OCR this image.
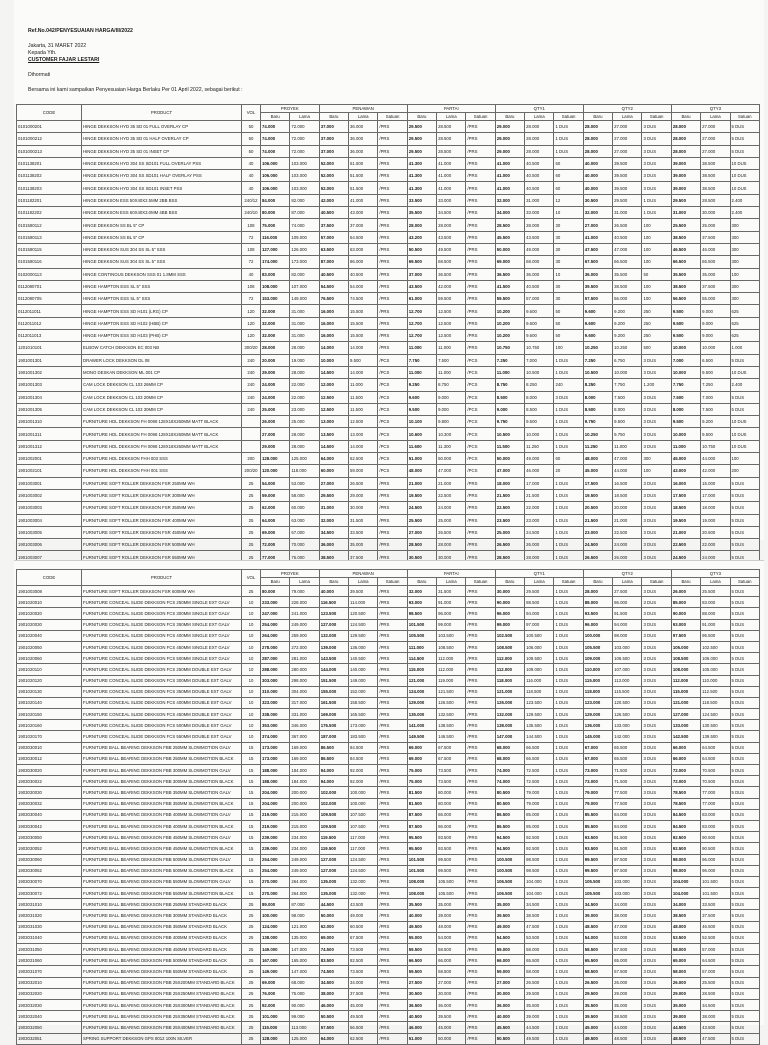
Ref.No.042/PENYESUAIAN HARGA/III/2022
Jakarta, 31 MARET 2022
Kepada Yth.
CUSTOMER FAJAR LESTARI
Dihormati
Bersama ini kami sampaikan Penyesuaian Harga Berlaku Per 01 April 2022, sebagai berikut :
CODE	PRODUCT	VOL	PROYEK		PENAWAN			PARTAI			QTY1			QTY2			QTY3		
			Baru	Lama	Baru	Lama	Satuan	Baru	Lama	Satuan	Baru	Lama	Satuan	Baru	Lama	Satuan	Baru	Lama	Satuan
0101000201	HINGE DEKKSON HYD 35 SD 01 FULL OVERLAY CP	50	74.000	72.000	37.000	36.000	/PRS	29.500	28.500	/PRS	29.000	28.000	1 DUS	28.000	27.000	3 DUS	28.000	27.000	5 DUS
0101000212	HINGE DEKKSON HYD 35 SD 01 HALF OVERLAY CP	50	74.000	72.000	37.000	36.000	/PRS	29.500	28.500	/PRS	29.000	28.000	1 DUS	28.000	27.000	3 DUS	28.000	27.000	5 DUS
0101000213	HINGE DEKKSON HYD 35 SD 01 INSET CP	50	74.000	72.000	37.000	36.000	/PRS	29.500	28.500	/PRS	29.000	28.000	1 DUS	28.000	27.000	3 DUS	28.000	27.000	5 DUS
0101138201	HINGE DEKKSON HYD 304 SS SD101 FULL OVERLAY PSS	40	106.000	103.000	52.000	51.500	/PRS	41.300	41.000	/PRS	41.000	40.500	60	40.000	39.500	3 DUS	39.000	38.500	10 DUS
0101138202	HINGE DEKKSON HYD 304 SS SD101 HALF OVERLAY PSS	40	106.000	103.000	52.000	51.500	/PRS	41.300	41.000	/PRS	41.000	40.500	60	40.000	39.500	3 DUS	39.000	38.500	10 DUS
0101138203	HINGE DEKKSON HYD 304 SS SD101 INSET PSS	40	106.000	103.000	52.000	51.500	/PRS	41.300	41.000	/PRS	41.000	40.500	60	40.000	39.500	3 DUS	39.000	38.500	10 DUS
0101182201	HINGE DEKKSON ESS 50X40X2.5MM 2BB BSS	240/12	84.000	82.000	42.000	41.000	/PRS	33.500	33.000	/PRS	32.000	31.000	12	30.500	29.500	1 DUS	29.500	28.500	2.400
0101182202	HINGE DEKKSON ESS 60X40X3.0MM 4BB BSS	240/10	80.000	87.000	40.500	43.000	/PRS	35.500	34.500	/PRS	34.000	33.000	10	32.000	31.000	1 DUS	31.000	30.000	2.400
0101580112	HINGE DEKKSON SS BL 5" CP	108	75.000	74.000	37.500	37.000	/PRS	28.000	28.000	/PRS	28.500	28.000	30	27.000	26.500	100	25.500	25.000	300
0101580113	HINGE DEKKSON SS BL 5" CP	72	116.000	109.000	57.000	54.500	/PRS	43.200	43.500	/PRS	45.500	43.500	30	41.000	40.500	100	38.500	37.500	300
0101580115	HINGE DEKKSON SUS 304 SS SL 5" SSS	108	127.000	126.000	63.500	63.000	/PRS	50.500	49.500	/PRS	50.000	49.000	30	47.500	47.000	100	46.500	46.000	300
0101580116	HINGE DEKKSON SUS 304 SS SL 5" SSS	72	174.000	173.000	87.000	86.000	/PRS	69.500	68.500	/PRS	69.000	68.000	30	67.500	66.500	100	66.500	65.500	300
0102000113	HINGE CONTINOUS DEKKSON SSS 01 1.8MM SSS	40	83.000	82.000	40.500	40.500	/PRS	37.000	36.500	/PRS	36.500	36.000	10	36.000	35.500	50	35.500	35.000	100
0112080701	HINGE HAMPTON ESS SL 5" SSS	108	108.000	107.000	54.500	54.000	/PRS	43.500	42.000	/PRS	41.500	40.500	30	39.500	38.500	100	38.500	37.500	300
0112080705	HINGE HAMPTON ESS SL 5" SSS	72	153.000	149.000	76.500	74.500	/PRS	61.000	59.500	/PRS	59.500	57.000	30	57.500	56.000	100	56.500	55.000	300
0112011011	HINGE HAMPTON ESS SD H101 (LRG) CP	120	32.000	31.000	16.000	15.500	/PRS	12.700	12.500	/PRS	10.200	9.600	50	9.600	9.200	250	9.500	9.000	625
0112011012	HINGE HAMPTON ESS SD H102 (HBB) CP	120	32.000	31.000	16.000	15.500	/PRS	12.700	12.500	/PRS	10.200	9.600	50	9.600	9.200	250	9.500	9.000	625
0112011013	HINGE HAMPTON ESS SD H103 (PHB) CP	120	32.000	31.000	16.000	15.500	/PRS	12.700	12.500	/PRS	10.200	9.600	50	9.600	9.200	250	9.500	9.000	625
1201010101	ELBOW CATCH DEKKSON EC 003 NB	300/20	28.000	28.000	14.000	14.000	/PRS	11.000	11.000	/PRS	10.750	10.750	100	10.250	10.250	500	10.000	10.000	1.000
1901001301	DRAWER LOCK DEKKSON DL 08	240	20.000	19.000	10.000	9.500	/PCS	7.750	7.500	/PCS	7.250	7.000	1 DUS	7.250	6.750	3 DUS	7.000	6.500	5 DUS
1901001302	MONO DESKAN DEKKSON ML 001 CP	240	29.000	28.000	14.500	14.000	/PCS	11.000	11.000	/PCS	11.000	10.500	1 DUS	10.500	10.000	3 DUS	10.000	9.500	10 DUS
1901001303	CAM LOCK DEKKSON CL 103 26MM CP	240	24.000	22.000	12.000	11.000	/PCS	9.250	8.750	/PCS	8.750	8.250	240	8.250	7.750	1.200	7.750	7.250	2.400
1901001304	CAM LOCK DEKKSON CL 103 20MM CP	240	24.000	22.000	12.500	11.500	/PCS	9.600	9.000	/PCS	8.500	8.000	3 DUS	8.000	7.500	3 DUS	7.500	7.000	5 DUS
1901001305	CAM LOCK DEKKSON CL 103 30MM CP	240	25.000	23.000	12.500	11.500	/PCS	9.500	9.000	/PCS	9.000	8.500	1 DUS	8.500	8.000	3 DUS	8.000	7.500	5 DUS
1901001310	FURNITURE HDL DEKKSON FH 0098 128X18X260MM MATT BLACK		26.000	25.000	13.000	12.500	/PCS	10.100	9.800	/PCS	9.750	9.500	1 DUS	9.750	9.500	3 DUS	9.500	9.200	10 DUS
1901001311	FURNITURE HDL DEKKSON FH 0098 128X18X260MM MATT BLACK		27.000	28.000	13.500	13.000	/PCS	10.600	10.300	/PCS	10.500	10.000	1 DUS	10.250	9.750	3 DUS	10.000	9.500	10 DUS
1901001312	FURNITURE HDL DEKKSON FH 0098 128X18X260MM MATT BLACK		29.000	28.000	14.500	14.000	/PCS	11.600	11.300	/PCS	11.500	11.250	1 DUS	11.250	11.000	3 DUS	11.000	10.750	10 DUS
1901002001	FURNITURE HDL DEKKSON FHH 003 SSS	200	128.000	125.000	64.000	62.500	/PCS	51.000	50.000	/PCS	50.000	49.000	60	48.000	47.000	300	45.000	44.000	100
1901002101	FURNITURE HDL DEKKSON FHH 001 SSS	200/20	120.000	118.000	60.000	59.000	/PCS	48.000	47.000	/PCS	47.000	46.000	20	45.000	44.000	100	43.000	42.000	200
1901003001	FURNITURE SOFT ROLLER DEKKSON FSR 250MM WH	25	54.000	53.000	27.000	26.500	/PRS	21.000	21.000	/PRS	18.000	17.000	1 DUS	17.500	16.500	3 DUS	16.000	15.000	5 DUS
1901003002	FURNITURE SOFT ROLLER DEKKSON FSR 300MM WH	25	59.000	58.000	29.500	29.000	/PRS	19.500	22.500	/PRS	21.500	21.500	1 DUS	19.500	18.500	3 DUS	17.500	17.000	5 DUS
1901003003	FURNITURE SOFT ROLLER DEKKSON FSR 350MM WH	25	62.000	60.000	31.000	30.000	/PRS	24.500	24.000	/PRS	22.500	22.000	1 DUS	20.500	20.000	3 DUS	18.500	18.000	5 DUS
1901003004	FURNITURE SOFT ROLLER DEKKSON FSR 400MM WH	25	64.000	63.000	32.000	31.500	/PRS	25.500	25.000	/PRS	23.500	23.000	1 DUS	21.500	21.000	3 DUS	19.500	19.000	5 DUS
1901003005	FURNITURE SOFT ROLLER DEKKSON FSR 450MM WH	25	69.000	67.000	34.500	33.500	/PRS	27.000	26.500	/PRS	25.000	24.500	1 DUS	23.000	22.500	3 DUS	21.000	20.500	5 DUS
1901003006	FURNITURE SOFT ROLLER DEKKSON FSR 500MM WH	25	72.000	70.000	36.000	35.000	/PRS	28.500	28.000	/PRS	26.500	26.000	1 DUS	24.500	24.000	3 DUS	22.500	22.000	5 DUS
1901003007	FURNITURE SOFT ROLLER DEKKSON FSR 550MM WH	25	77.000	75.000	38.500	37.500	/PRS	30.500	30.000	/PRS	28.500	28.000	1 DUS	26.500	26.000	3 DUS	24.500	24.000	5 DUS
CODE	PRODUCT	VOL	PROYEK		PENAWAN			PARTAI			QTY1			QTY2			QTY3		
			Baru	Lama	Baru	Lama	Satuan	Baru	Lama	Satuan	Baru	Lama	Satuan	Baru	Lama	Satuan	Baru	Lama	Satuan
1901003008	FURNITURE SOFT ROLLER DEKKSON FSR 600MM WH	25	80.000	79.000	40.000	39.500	/PRS	32.000	31.500	/PRS	30.000	29.500	1 DUS	28.000	27.500	3 DUS	26.000	25.500	5 DUS
1901020010	FURNITURE CONCEAL SLIDE DEKKSON FCS 250MM SINGLE EXT GALV	10	233.000	228.000	116.500	114.000	/PRS	93.000	91.000	/PRS	90.000	88.500	1 DUS	88.000	86.000	3 DUS	85.000	83.000	5 DUS
1901020020	FURNITURE CONCEAL SLIDE DEKKSON FCS 300MM SINGLE EXT GALV	10	247.000	241.000	123.500	120.500	/PRS	98.500	96.000	/PRS	96.000	94.000	1 DUS	93.500	91.500	3 DUS	90.000	88.000	5 DUS
1901020030	FURNITURE CONCEAL SLIDE DEKKSON FCS 350MM SINGLE EXT GALV	10	254.000	249.000	127.000	124.500	/PRS	101.500	99.000	/PRS	99.000	97.000	1 DUS	96.000	94.000	3 DUS	93.000	91.000	5 DUS
1901020040	FURNITURE CONCEAL SLIDE DEKKSON FCS 400MM SINGLE EXT GALV	10	264.000	259.000	132.000	129.500	/PRS	105.500	103.500	/PRS	102.500	100.500	1 DUS	100.000	98.000	3 DUS	97.500	95.500	5 DUS
1901020050	FURNITURE CONCEAL SLIDE DEKKSON FCS 450MM SINGLE EXT GALV	10	278.000	272.000	139.000	136.000	/PRS	111.000	108.500	/PRS	108.500	106.000	1 DUS	105.500	103.000	3 DUS	105.000	102.500	5 DUS
1901020060	FURNITURE CONCEAL SLIDE DEKKSON FCS 500MM SINGLE EXT GALV	10	287.000	281.000	143.500	140.500	/PRS	114.500	112.000	/PRS	112.000	109.500	1 DUS	109.000	106.500	3 DUS	108.500	106.000	5 DUS
1901020110	FURNITURE CONCEAL SLIDE DEKKSON FCS 250MM DOUBLE EXT GALV	10	288.000	280.000	144.000	140.000	/PRS	115.000	112.000	/PRS	112.000	109.000	1 DUS	110.000	107.000	3 DUS	108.000	105.000	5 DUS
1901020120	FURNITURE CONCEAL SLIDE DEKKSON FCS 300MM DOUBLE EXT GALV	10	303.000	298.000	151.500	149.000	/PRS	121.000	119.000	/PRS	118.000	116.000	1 DUS	115.000	113.000	3 DUS	112.000	110.000	5 DUS
1901020130	FURNITURE CONCEAL SLIDE DEKKSON FCS 350MM DOUBLE EXT GALV	10	310.000	304.000	155.000	152.000	/PRS	124.000	121.500	/PRS	121.000	118.500	1 DUS	118.000	115.500	3 DUS	115.000	112.500	5 DUS
1901020140	FURNITURE CONCEAL SLIDE DEKKSON FCS 400MM DOUBLE EXT GALV	10	323.000	317.000	161.500	158.500	/PRS	129.000	126.500	/PRS	126.000	123.500	1 DUS	123.000	120.500	3 DUS	121.000	118.500	5 DUS
1901020150	FURNITURE CONCEAL SLIDE DEKKSON FCS 450MM DOUBLE EXT GALV	10	338.000	331.000	169.000	165.500	/PRS	135.000	132.500	/PRS	132.000	129.500	1 DUS	129.000	126.500	3 DUS	127.000	124.500	5 DUS
1901020160	FURNITURE CONCEAL SLIDE DEKKSON FCS 500MM DOUBLE EXT GALV	10	353.000	346.000	176.500	173.000	/PRS	141.000	138.500	/PRS	138.000	135.500	1 DUS	136.000	133.000	3 DUS	133.000	130.500	5 DUS
1901020170	FURNITURE CONCEAL SLIDE DEKKSON FCS 550MM DOUBLE EXT GALV	10	374.000	367.000	187.000	183.500	/PRS	149.500	146.500	/PRS	147.000	144.500	1 DUS	145.000	142.000	3 DUS	142.500	139.500	5 DUS
1903030010	FURNITURE BALL BEARING DEKKSON FBB 250MM SLOWMOTION GALV	15	173.000	169.000	86.500	84.500	/PRS	69.000	67.500	/PRS	68.000	66.500	1 DUS	67.000	65.500	3 DUS	66.000	64.500	5 DUS
1903030012	FURNITURE BALL BEARING DEKKSON FBB 250MM SLOWMOTION BLACK	15	173.000	169.000	86.500	84.500	/PRS	69.000	67.500	/PRS	68.000	66.500	1 DUS	67.000	65.500	3 DUS	66.000	64.500	5 DUS
1903030020	FURNITURE BALL BEARING DEKKSON FBB 300MM SLOWMOTION GALV	15	188.000	184.000	94.000	92.000	/PRS	75.000	73.500	/PRS	74.000	72.500	1 DUS	73.000	71.500	3 DUS	72.000	70.500	5 DUS
1903030022	FURNITURE BALL BEARING DEKKSON FBB 300MM SLOWMOTION BLACK	15	188.000	184.000	94.000	92.000	/PRS	75.000	73.500	/PRS	74.000	72.500	1 DUS	73.000	71.500	3 DUS	72.000	70.500	5 DUS
1903030030	FURNITURE BALL BEARING DEKKSON FBB 350MM SLOWMOTION GALV	15	204.000	200.000	102.000	100.000	/PRS	81.500	80.000	/PRS	80.500	79.000	1 DUS	79.000	77.500	3 DUS	78.500	77.000	5 DUS
1903030032	FURNITURE BALL BEARING DEKKSON FBB 350MM SLOWMOTION BLACK	15	204.000	200.000	102.000	100.000	/PRS	81.500	80.000	/PRS	80.500	79.000	1 DUS	79.000	77.500	3 DUS	78.500	77.000	5 DUS
1903030040	FURNITURE BALL BEARING DEKKSON FBB 400MM SLOWMOTION GALV	15	219.000	215.000	109.500	107.500	/PRS	87.500	86.000	/PRS	86.500	85.000	1 DUS	85.500	84.000	3 DUS	84.500	83.000	5 DUS
1903030042	FURNITURE BALL BEARING DEKKSON FBB 400MM SLOWMOTION BLACK	15	219.000	215.000	109.500	107.500	/PRS	87.500	86.000	/PRS	86.500	85.000	1 DUS	85.500	84.000	3 DUS	84.500	83.000	5 DUS
1903030050	FURNITURE BALL BEARING DEKKSON FBB 450MM SLOWMOTION GALV	15	239.000	234.000	119.500	117.000	/PRS	95.500	93.500	/PRS	94.500	92.500	1 DUS	93.500	91.500	3 DUS	92.500	90.500	5 DUS
1903030052	FURNITURE BALL BEARING DEKKSON FBB 450MM SLOWMOTION BLACK	15	239.000	234.000	119.500	117.000	/PRS	95.500	93.500	/PRS	94.500	92.500	1 DUS	93.500	91.500	3 DUS	92.500	90.500	5 DUS
1903030060	FURNITURE BALL BEARING DEKKSON FBB 500MM SLOWMOTION GALV	15	254.000	249.000	127.000	124.500	/PRS	101.500	99.500	/PRS	100.500	98.500	1 DUS	99.500	97.500	3 DUS	98.000	96.000	5 DUS
1903030062	FURNITURE BALL BEARING DEKKSON FBB 500MM SLOWMOTION BLACK	15	254.000	249.000	127.000	124.500	/PRS	101.500	99.500	/PRS	100.500	98.500	1 DUS	99.500	97.500	3 DUS	98.000	96.000	5 DUS
1903030070	FURNITURE BALL BEARING DEKKSON FBB 550MM SLOWMOTION GALV	15	270.000	264.000	135.000	132.000	/PRS	108.000	105.500	/PRS	106.500	104.000	1 DUS	105.500	103.000	3 DUS	104.000	101.500	5 DUS
1903030072	FURNITURE BALL BEARING DEKKSON FBB 550MM SLOWMOTION BLACK	15	270.000	264.000	135.000	132.000	/PRS	108.000	105.500	/PRS	106.500	104.000	1 DUS	105.500	103.000	3 DUS	104.000	101.500	5 DUS
1903031010	FURNITURE BALL BEARING DEKKSON FBB 250MM STANDARD BLACK	25	89.000	87.000	44.500	43.500	/PRS	35.500	35.000	/PRS	35.000	34.500	1 DUS	34.500	34.000	3 DUS	34.000	33.500	5 DUS
1903031020	FURNITURE BALL BEARING DEKKSON FBB 300MM STANDARD BLACK	25	100.000	98.000	50.000	49.000	/PRS	40.000	39.000	/PRS	39.500	38.500	1 DUS	39.000	38.000	3 DUS	38.500	37.500	5 DUS
1903031030	FURNITURE BALL BEARING DEKKSON FBB 350MM STANDARD BLACK	25	124.000	121.000	62.000	60.500	/PRS	49.500	48.000	/PRS	49.000	47.500	1 DUS	48.500	47.000	3 DUS	48.000	46.500	5 DUS
1903031040	FURNITURE BALL BEARING DEKKSON FBB 400MM STANDARD BLACK	25	138.000	135.000	69.000	67.500	/PRS	55.000	54.000	/PRS	54.500	53.500	1 DUS	54.000	53.000	3 DUS	53.500	52.500	5 DUS
1903031050	FURNITURE BALL BEARING DEKKSON FBB 450MM STANDARD BLACK	25	149.000	147.000	74.500	73.500	/PRS	59.500	58.500	/PRS	59.000	58.000	1 DUS	58.500	57.500	3 DUS	58.000	57.000	5 DUS
1903031060	FURNITURE BALL BEARING DEKKSON FBB 500MM STANDARD BLACK	25	167.000	165.000	83.500	82.500	/PRS	66.500	66.000	/PRS	66.000	65.500	1 DUS	65.500	65.000	3 DUS	65.000	64.500	5 DUS
1903031070	FURNITURE BALL BEARING DEKKSON FBB 550MM STANDARD BLACK	25	149.000	147.000	74.500	73.500	/PRS	59.500	58.500	/PRS	59.000	58.000	1 DUS	58.500	57.500	3 DUS	58.000	57.000	5 DUS
1903032010	FURNITURE BALL BEARING DEKKSON FBB 25X200MM STANDARD BLACK	25	69.000	68.000	34.500	34.000	/PRS	27.500	27.000	/PRS	27.000	26.500	1 DUS	26.500	26.000	3 DUS	26.000	25.500	5 DUS
1903032020	FURNITURE BALL BEARING DEKKSON FBB 25X250MM STANDARD BLACK	25	76.000	75.000	38.000	37.500	/PRS	30.500	30.000	/PRS	30.000	29.500	1 DUS	29.500	29.000	3 DUS	29.000	28.500	5 DUS
1903032030	FURNITURE BALL BEARING DEKKSON FBB 25X300MM STANDARD BLACK	25	92.000	90.000	46.000	45.000	/PRS	36.500	36.000	/PRS	36.000	35.500	1 DUS	35.500	35.000	3 DUS	35.000	34.500	5 DUS
1903032040	FURNITURE BALL BEARING DEKKSON FBB 25X350MM STANDARD BLACK	25	101.000	99.000	50.500	49.500	/PRS	40.500	39.500	/PRS	40.000	39.000	1 DUS	39.500	38.500	3 DUS	39.000	38.000	5 DUS
1903032050	FURNITURE BALL BEARING DEKKSON FBB 25X400MM STANDARD BLACK	25	115.000	113.000	57.500	56.500	/PRS	46.000	45.000	/PRS	45.500	44.500	1 DUS	45.000	44.000	3 DUS	44.500	43.500	5 DUS
1903032051	SPRING SUPPORT DEKKSON GPS 8012 100N SILVER	25	128.000	125.000	64.000	62.500	/PRS	51.000	50.000	/PRS	50.500	49.500	1 DUS	49.500	48.500	3 DUS	48.500	47.500	5 DUS
